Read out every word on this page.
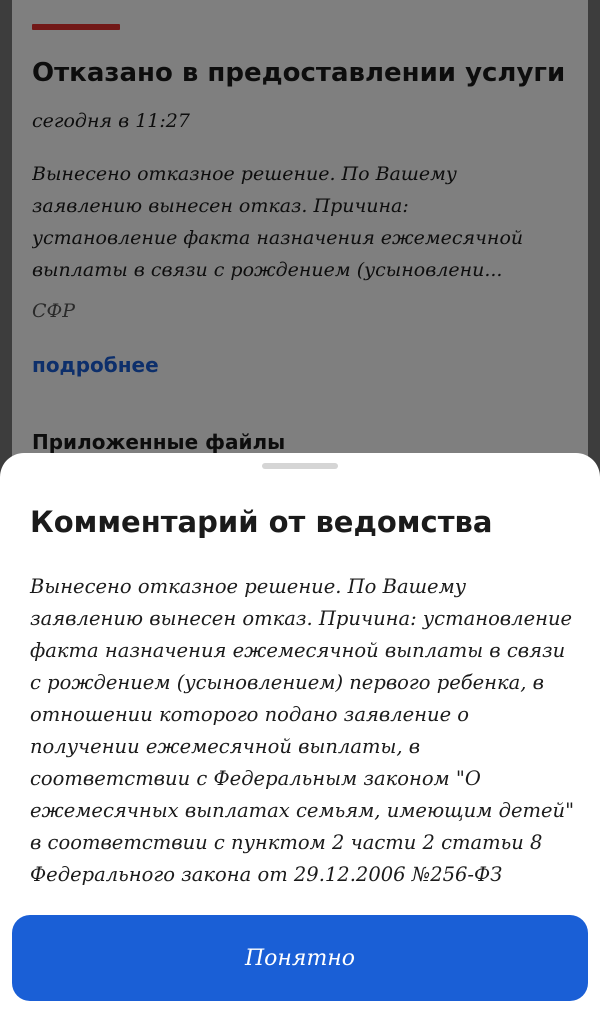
Комментарий от ведомства
Вынесено отказное решение. По Вашему заявлению вынесен отказ. Причина: установление факта назначения ежемесячной выплаты в связи с рождением (усыновлением) первого ребенка, в отношении которого подано заявление о получении ежемесячной выплаты, в соответствии с Федеральным законом "О ежемесячных выплатах семьям, имеющим детей" в соответствии с пунктом 2 части 2 статьи 8 Федерального закона от 29.12.2006 №256-ФЗ
Понятно
